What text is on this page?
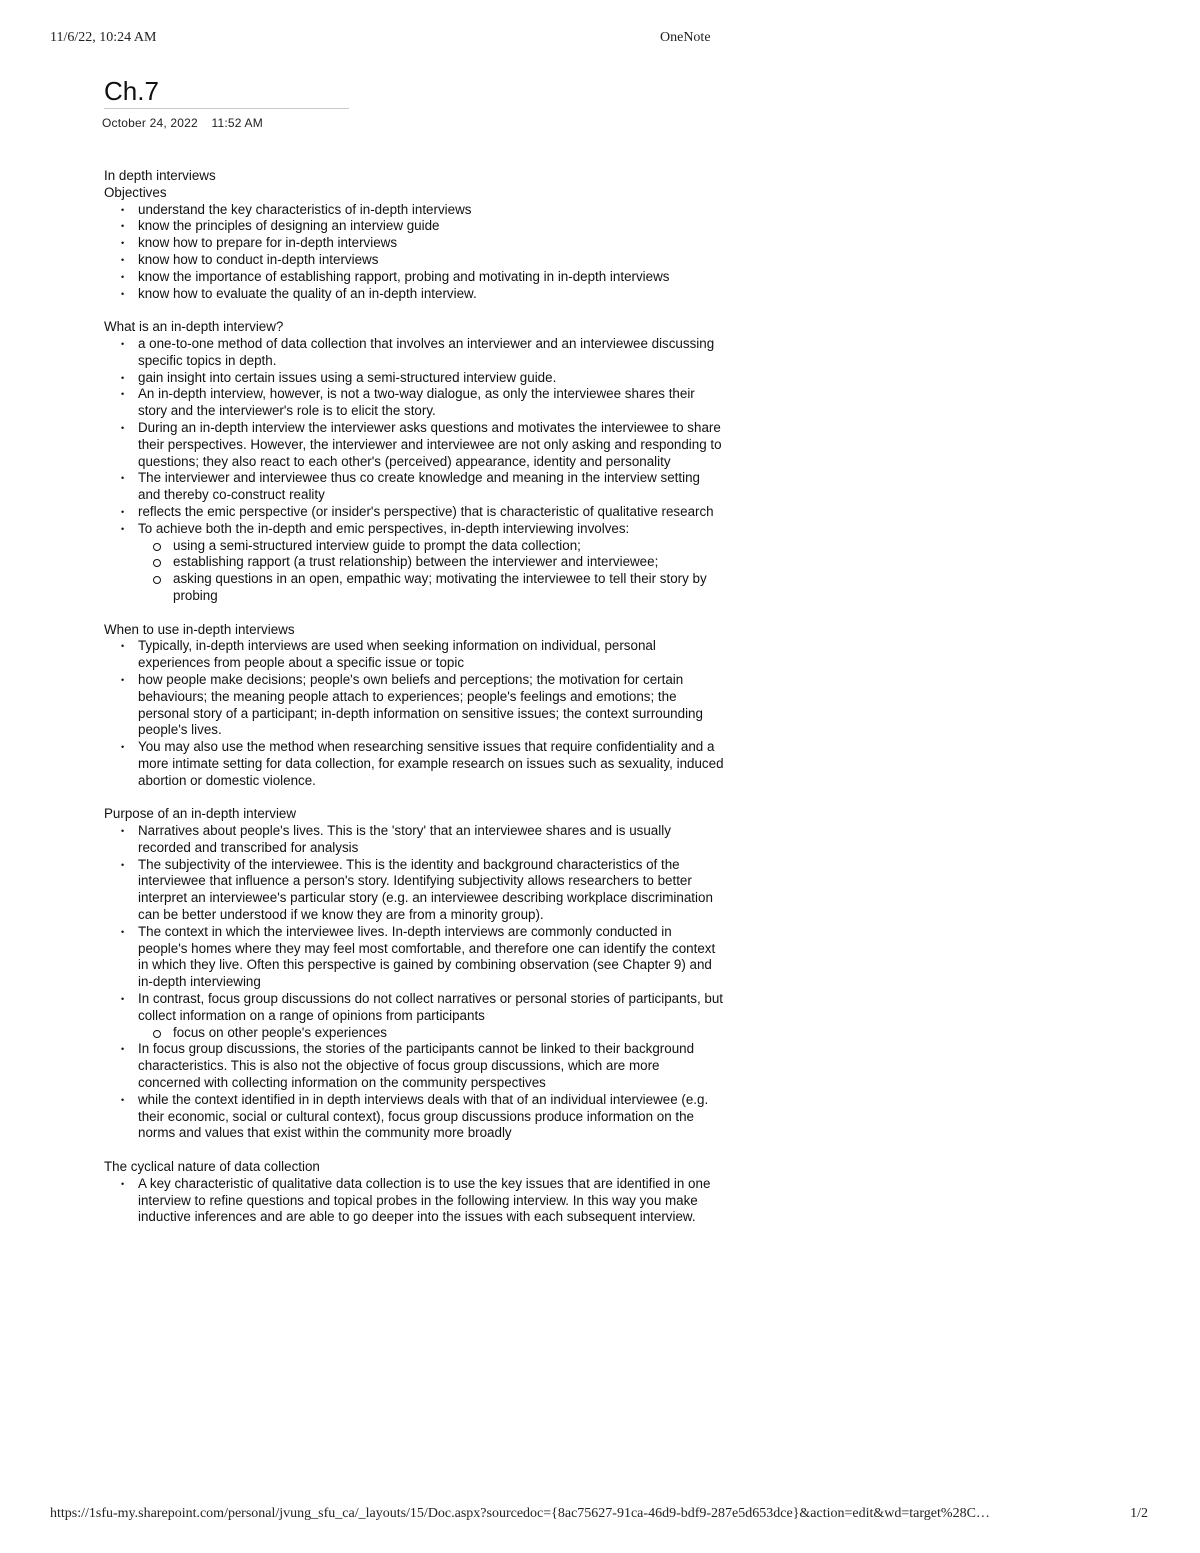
11/6/22, 10:24 AM	OneNote
Ch.7
October 24, 2022 11:52 AM

In depth interviews

Objectives

• understand the key characteristics of in-depth interviews
• know the principles of designing an interview guide
• know how to prepare for in-depth interviews
• know how to conduct in-depth interviews
• know the importance of establishing rapport, probing and motivating in in-depth interviews
• know how to evaluate the quality of an in-depth interview.

What is an in-depth interview?

• a one-to-one method of data collection that involves an interviewer and an interviewee discussing specific topics in depth.
• gain insight into certain issues using a semi-structured interview guide.
• An in-depth interview, however, is not a two-way dialogue, as only the interviewee shares their story and the interviewer's role is to elicit the story.
• During an in-depth interview the interviewer asks questions and motivates the interviewee to share their perspectives. However, the interviewer and interviewee are not only asking and responding to questions; they also react to each other's (perceived) appearance, identity and personality
• The interviewer and interviewee thus co create knowledge and meaning in the interview setting and thereby co-construct reality
• reflects the emic perspective (or insider's perspective) that is characteristic of qualitative research
• To achieve both the in-depth and emic perspectives, in-depth interviewing involves:
using a semi-structured interview guide to prompt the data collection;
establishing rapport (a trust relationship) between the interviewer and interviewee;
asking questions in an open, empathic way; motivating the interviewee to tell their story by probing

When to use in-depth interviews

• Typically, in-depth interviews are used when seeking information on individual, personal experiences from people about a specific issue or topic
• how people make decisions; people's own beliefs and perceptions; the motivation for certain behaviours; the meaning people attach to experiences; people's feelings and emotions; the personal story of a participant; in-depth information on sensitive issues; the context surrounding people's lives.
• You may also use the method when researching sensitive issues that require confidentiality and a more intimate setting for data collection, for example research on issues such as sexuality, induced abortion or domestic violence.

Purpose of an in-depth interview

• Narratives about people's lives. This is the 'story' that an interviewee shares and is usually recorded and transcribed for analysis
• The subjectivity of the interviewee. This is the identity and background characteristics of the interviewee that influence a person's story. Identifying subjectivity allows researchers to better interpret an interviewee's particular story (e.g. an interviewee describing workplace discrimination can be better understood if we know they are from a minority group).
• The context in which the interviewee lives. In-depth interviews are commonly conducted in people's homes where they may feel most comfortable, and therefore one can identify the context in which they live. Often this perspective is gained by combining observation (see Chapter 9) and in-depth interviewing
• In contrast, focus group discussions do not collect narratives or personal stories of participants, but collect information on a range of opinions from participants
focus on other people's experiences
• In focus group discussions, the stories of the participants cannot be linked to their background characteristics. This is also not the objective of focus group discussions, which are more concerned with collecting information on the community perspectives
• while the context identified in in depth interviews deals with that of an individual interviewee (e.g. their economic, social or cultural context), focus group discussions produce information on the norms and values that exist within the community more broadly

The cyclical nature of data collection

• A key characteristic of qualitative data collection is to use the key issues that are identified in one interview to refine questions and topical probes in the following interview. In this way you make inductive inferences and are able to go deeper into the issues with each subsequent interview.
https://1sfu-my.sharepoint.com/personal/jvung_sfu_ca/_layouts/15/Doc.aspx?sourcedoc={8ac75627-91ca-46d9-bdf9-287e5d653dce}&action=edit&wd=target%28C…	1/2
